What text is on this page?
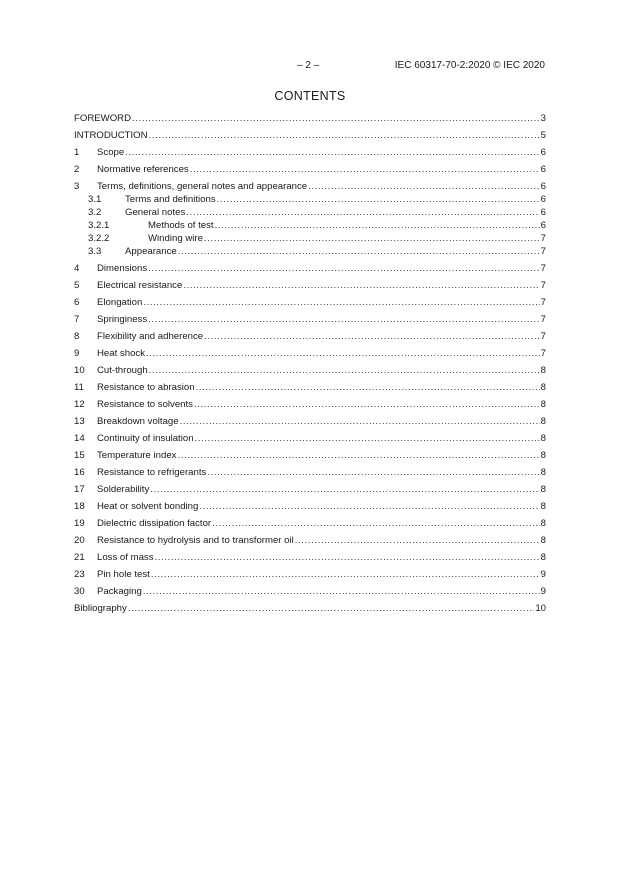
– 2 –	IEC 60317-70-2:2020 © IEC 2020
CONTENTS
FOREWORD .....	3
INTRODUCTION .....	5
1	Scope .....	6
2	Normative references .....	6
3	Terms, definitions, general notes and appearance .....	6
3.1	Terms and definitions .....	6
3.2	General notes .....	6
3.2.1	Methods of test .....	6
3.2.2	Winding wire .....	7
3.3	Appearance .....	7
4	Dimensions .....	7
5	Electrical resistance .....	7
6	Elongation .....	7
7	Springiness .....	7
8	Flexibility and adherence .....	7
9	Heat shock .....	7
10	Cut-through .....	8
11	Resistance to abrasion .....	8
12	Resistance to solvents .....	8
13	Breakdown voltage .....	8
14	Continuity of insulation .....	8
15	Temperature index .....	8
16	Resistance to refrigerants .....	8
17	Solderability .....	8
18	Heat or solvent bonding .....	8
19	Dielectric dissipation factor .....	8
20	Resistance to hydrolysis and to transformer oil .....	8
21	Loss of mass .....	8
23	Pin hole test .....	9
30	Packaging .....	9
Bibliography .....	10
